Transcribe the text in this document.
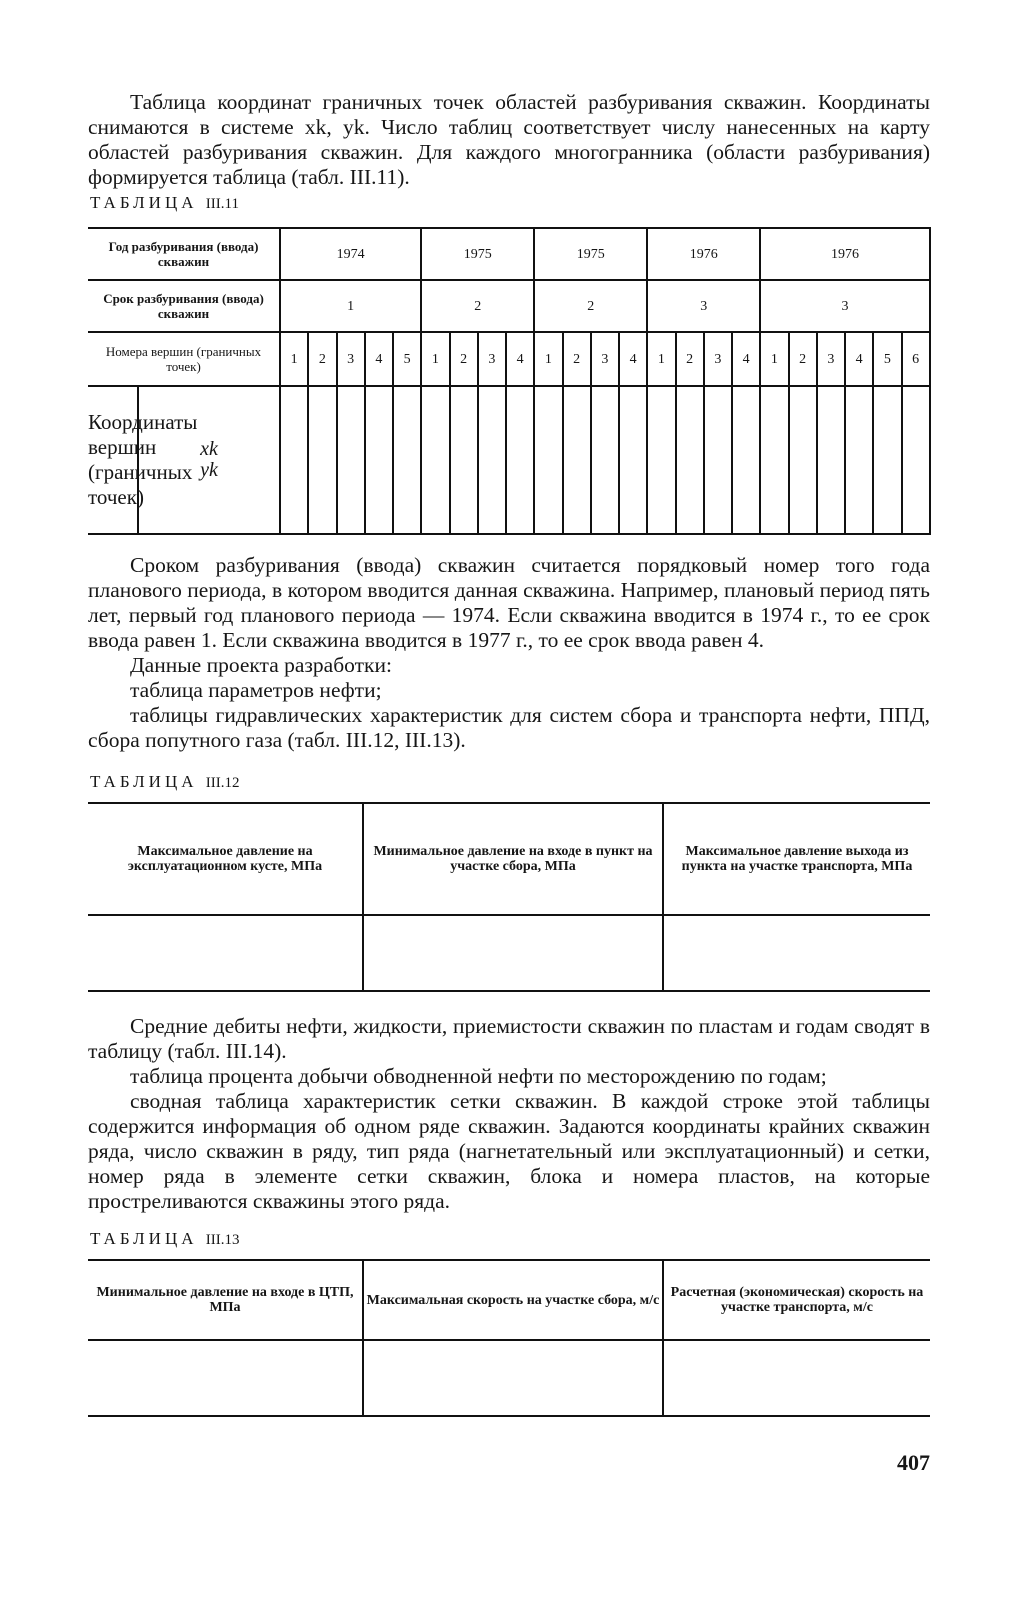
Таблица координат граничных точек областей разбуривания скважин. Координаты снимаются в системе xk, yk. Число таблиц соответствует числу нанесенных на карту областей разбуривания скважин. Для каждого многогранника (области разбуривания) формируется таблица (табл. III.11).

ТАБЛИЦА III.11
Год разбуривания (ввода) скважин		1974					1975				1975				1976				1976					
Срок разбуривания (ввода) скважин		1					2				2				3				3					
Номера вершин (граничных точек)		1	2	3	4	5	1	2	3	4	1	2	3	4	1	2	3	4	1	2	3	4	5	6
Координаты вершин (граничных точек)	xk																							
	yk																							

Сроком разбуривания (ввода) скважин считается порядковый номер того года планового периода, в котором вводится данная скважина. Например, плановый период пять лет, первый год планового периода — 1974. Если скважина вводится в 1974 г., то ее срок ввода равен 1. Если скважина вводится в 1977 г., то ее срок ввода равен 4.

Данные проекта разработки:

таблица параметров нефти;

таблицы гидравлических характеристик для систем сбора и транспорта нефти, ППД, сбора попутного газа (табл. III.12, III.13).

ТАБЛИЦА III.12
Максимальное давление на эксплуатационном кусте, МПа	Минимальное давление на входе в пункт на участке сбора, МПа	Максимальное давление выхода из пункта на участке транспорта, МПа

Средние дебиты нефти, жидкости, приемистости скважин по пластам и годам сводят в таблицу (табл. III.14).

таблица процента добычи обводненной нефти по месторождению по годам;

сводная таблица характеристик сетки скважин. В каждой строке этой таблицы содержится информация об одном ряде скважин. Задаются координаты крайних скважин ряда, число скважин в ряду, тип ряда (нагнетательный или эксплуатационный) и сетки, номер ряда в элементе сетки скважин, блока и номера пластов, на которые простреливаются скважины этого ряда.

ТАБЛИЦА III.13
Минимальное давление на входе в ЦТП, МПа	Максимальная скорость на участке сбора, м/с	Расчетная (экономическая) скорость на участке транспорта, м/с

407
